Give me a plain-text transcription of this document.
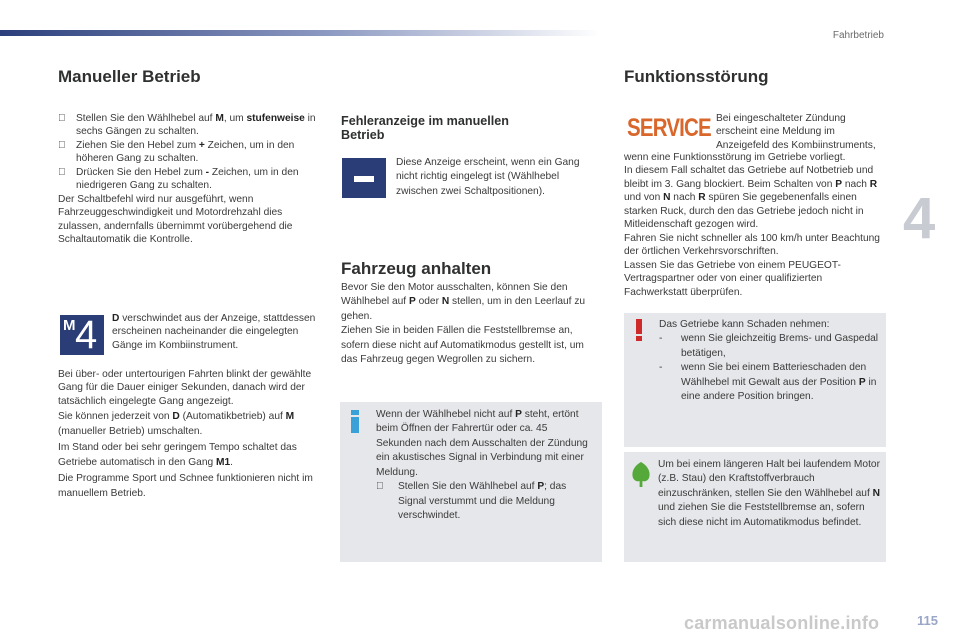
Fahrbetrieb
4
Manueller Betrieb
Stellen Sie den Wählhebel auf M, um stufenweise in sechs Gängen zu schalten.
Ziehen Sie den Hebel zum + Zeichen, um in den höheren Gang zu schalten.
Drücken Sie den Hebel zum - Zeichen, um in den niedrigeren Gang zu schalten.

Der Schaltbefehl wird nur ausgeführt, wenn Fahrzeuggeschwindigkeit und Motordrehzahl dies zulassen, andernfalls übernimmt vorübergehend die Schaltautomatik die Kontrolle.

M 4 D verschwindet aus der Anzeige, stattdessen erscheinen nacheinander die eingelegten Gänge im Kombiinstrument.

Bei über- oder untertourigen Fahrten blinkt der gewählte Gang für die Dauer einiger Sekunden, danach wird der tatsächlich eingelegte Gang angezeigt.

Sie können jederzeit von D (Automatikbetrieb) auf M (manueller Betrieb) umschalten.

Im Stand oder bei sehr geringem Tempo schaltet das Getriebe automatisch in den Gang M1.

Die Programme Sport und Schnee funktionieren nicht im manuellem Betrieb.

Fehleranzeige im manuellen Betrieb

Diese Anzeige erscheint, wenn ein Gang nicht richtig eingelegt ist (Wählhebel zwischen zwei Schaltpositionen).

Fahrzeug anhalten

Bevor Sie den Motor ausschalten, können Sie den Wählhebel auf P oder N stellen, um in den Leerlauf zu gehen.

Ziehen Sie in beiden Fällen die Feststellbremse an, sofern diese nicht auf Automatikmodus gestellt ist, um das Fahrzeug gegen Wegrollen zu sichern.

Wenn der Wählhebel nicht auf P steht, ertönt beim Öffnen der Fahrertür oder ca. 45 Sekunden nach dem Ausschalten der Zündung ein akustisches Signal in Verbindung mit einer Meldung.

Stellen Sie den Wählhebel auf P; das Signal verstummt und die Meldung verschwindet.
Funktionsstörung
SERVICE Bei eingeschalteter Zündung erscheint eine Meldung im Anzeigefeld des Kombiinstruments,

wenn eine Funktionsstörung im Getriebe vorliegt.

In diesem Fall schaltet das Getriebe auf Notbetrieb und bleibt im 3. Gang blockiert. Beim Schalten von P nach R und von N nach R spüren Sie gegebenenfalls einen starken Ruck, durch den das Getriebe jedoch nicht in Mitleidenschaft gezogen wird.

Fahren Sie nicht schneller als 100 km/h unter Beachtung der örtlichen Verkehrsvorschriften.

Lassen Sie das Getriebe von einem PEUGEOT-Vertragspartner oder von einer qualifizierten Fachwerkstatt überprüfen.

Das Getriebe kann Schaden nehmen:

-	wenn Sie gleichzeitig Brems- und Gaspedal betätigen,
-	wenn Sie bei einem Batterieschaden den Wählhebel mit Gewalt aus der Position P in eine andere Position bringen.

Um bei einem längeren Halt bei laufendem Motor (z.B. Stau) den Kraftstoffverbrauch einzuschränken, stellen Sie den Wählhebel auf N und ziehen Sie die Feststellbremse an, sofern sich diese nicht im Automatikmodus befindet.

carmanualsonline.info	115
